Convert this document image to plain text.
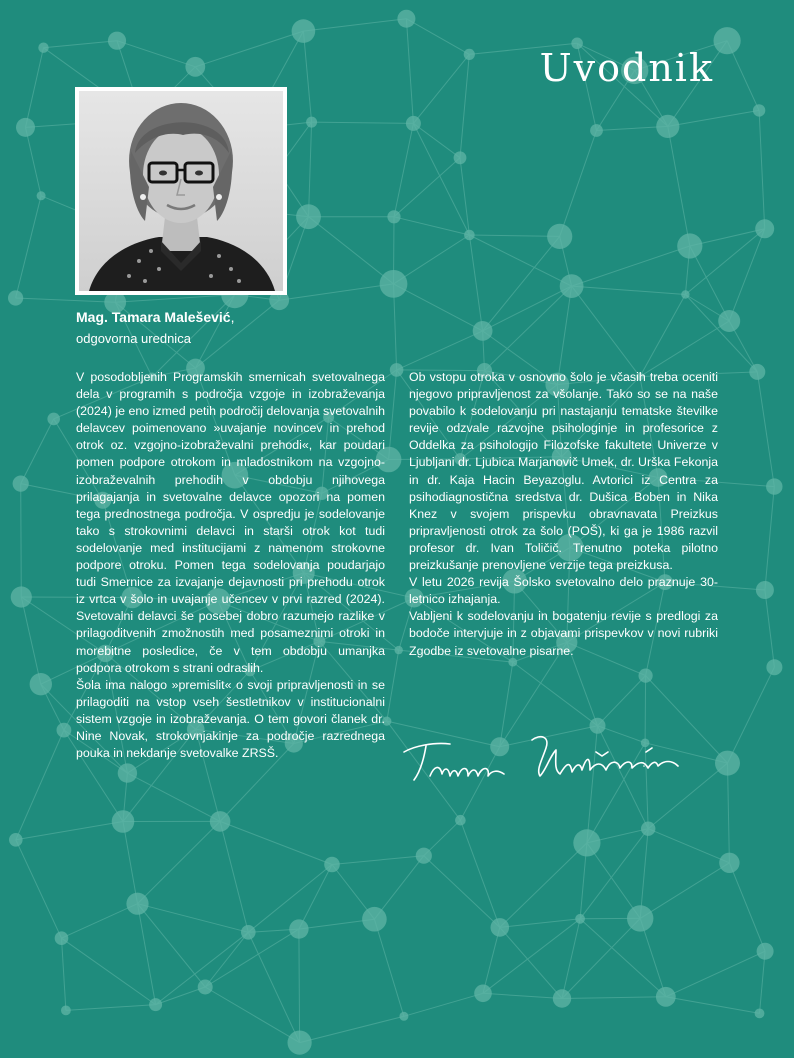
Uvodnik

Mag. Tamara Malešević,

odgovorna urednica

V posodobljenih Programskih smernicah svetovalnega dela v programih s področja vzgoje in izobraževanja (2024) je eno izmed petih področij delovanja svetovalnih delavcev poimenovano »uvajanje novincev in prehod otrok oz. vzgojno-izobraževalni prehodi«, kar poudari pomen podpore otrokom in mladostnikom na vzgojno-izobraževalnih prehodih v obdobju njihovega prilagajanja in svetovalne delavce opozori na pomen tega prednostnega področja. V ospredju je sodelovanje tako s strokovnimi delavci in starši otrok kot tudi sodelovanje med institucijami z namenom strokovne podpore otroku. Pomen tega sodelovanja poudarjajo tudi Smernice za izvajanje dejavnosti pri prehodu otrok iz vrtca v šolo in uvajanje učencev v prvi razred (2024). Svetovalni delavci še posebej dobro razumejo razlike v prilagoditvenih zmožnostih med posameznimi otroki in morebitne posledice, če v tem obdobju umanjka podpora otrokom s strani odraslih.

Šola ima nalogo »premislit« o svoji pripravljenosti in se prilagoditi na vstop vseh šestletnikov v institucionalni sistem vzgoje in izobraževanja. O tem govori članek dr. Nine Novak, strokovnjakinje za področje razrednega pouka in nekdanje svetovalke ZRSŠ.

Ob vstopu otroka v osnovno šolo je včasih treba oceniti njegovo pripravljenost za všolanje. Tako so se na naše povabilo k sodelovanju pri nastajanju tematske številke revije odzvale razvojne psihologinje in profesorice z Oddelka za psihologijo Filozofske fakultete Univerze v Ljubljani dr. Ljubica Marjanovič Umek, dr. Urška Fekonja in dr. Kaja Hacin Beyazoglu. Avtorici iz Centra za psihodiagnostična sredstva dr. Dušica Boben in Nika Knez v svojem prispevku obravnavata Preizkus pripravljenosti otrok za šolo (POŠ), ki ga je 1986 razvil profesor dr. Ivan Toličič. Trenutno poteka pilotno preizkušanje prenovljene verzije tega preizkusa.

V letu 2026 revija Šolsko svetovalno delo praznuje 30-letnico izhajanja.

Vabljeni k sodelovanju in bogatenju revije s predlogi za bodoče intervjuje in z objavami prispevkov v novi rubriki Zgodbe iz svetovalne pisarne.
